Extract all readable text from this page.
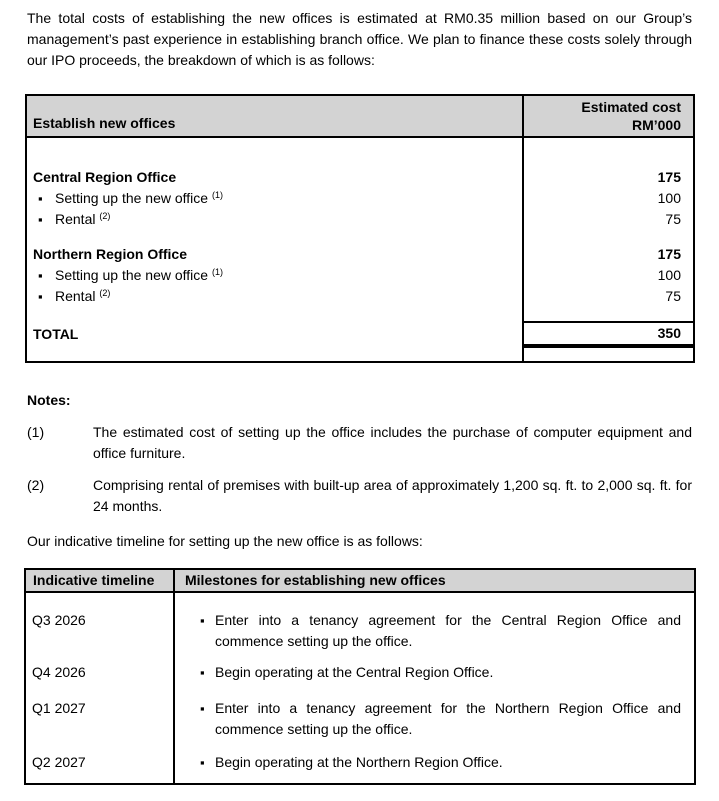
The total costs of establishing the new offices is estimated at RM0.35 million based on our Group’s management’s past experience in establishing branch office. We plan to finance these costs solely through our IPO proceeds, the breakdown of which is as follows:

Establish new offices	Estimated cost
RM’000

Central Region Office	175
▪ Setting up the new office $^{(1)}$	100
▪ Rental $^{(2)}$	75

Northern Region Office	175
▪ Setting up the new office $^{(1)}$	100
▪ Rental $^{(2)}$	75

TOTAL	350

Notes:
(1)	The estimated cost of setting up the office includes the purchase of computer equipment and office furniture.
(2)	Comprising rental of premises with built-up area of approximately 1,200 sq. ft. to 2,000 sq. ft. for 24 months.

Our indicative timeline for setting up the new office is as follows:

Indicative timeline	Milestones for establishing new offices
Q3 2026	▪ Enter into a tenancy agreement for the Central Region Office and commence setting up the office.

Q4 2026	▪ Begin operating at the Central Region Office.

Q1 2027	▪ Enter into a tenancy agreement for the Northern Region Office and commence setting up the office.

Q2 2027	▪ Begin operating at the Northern Region Office.
